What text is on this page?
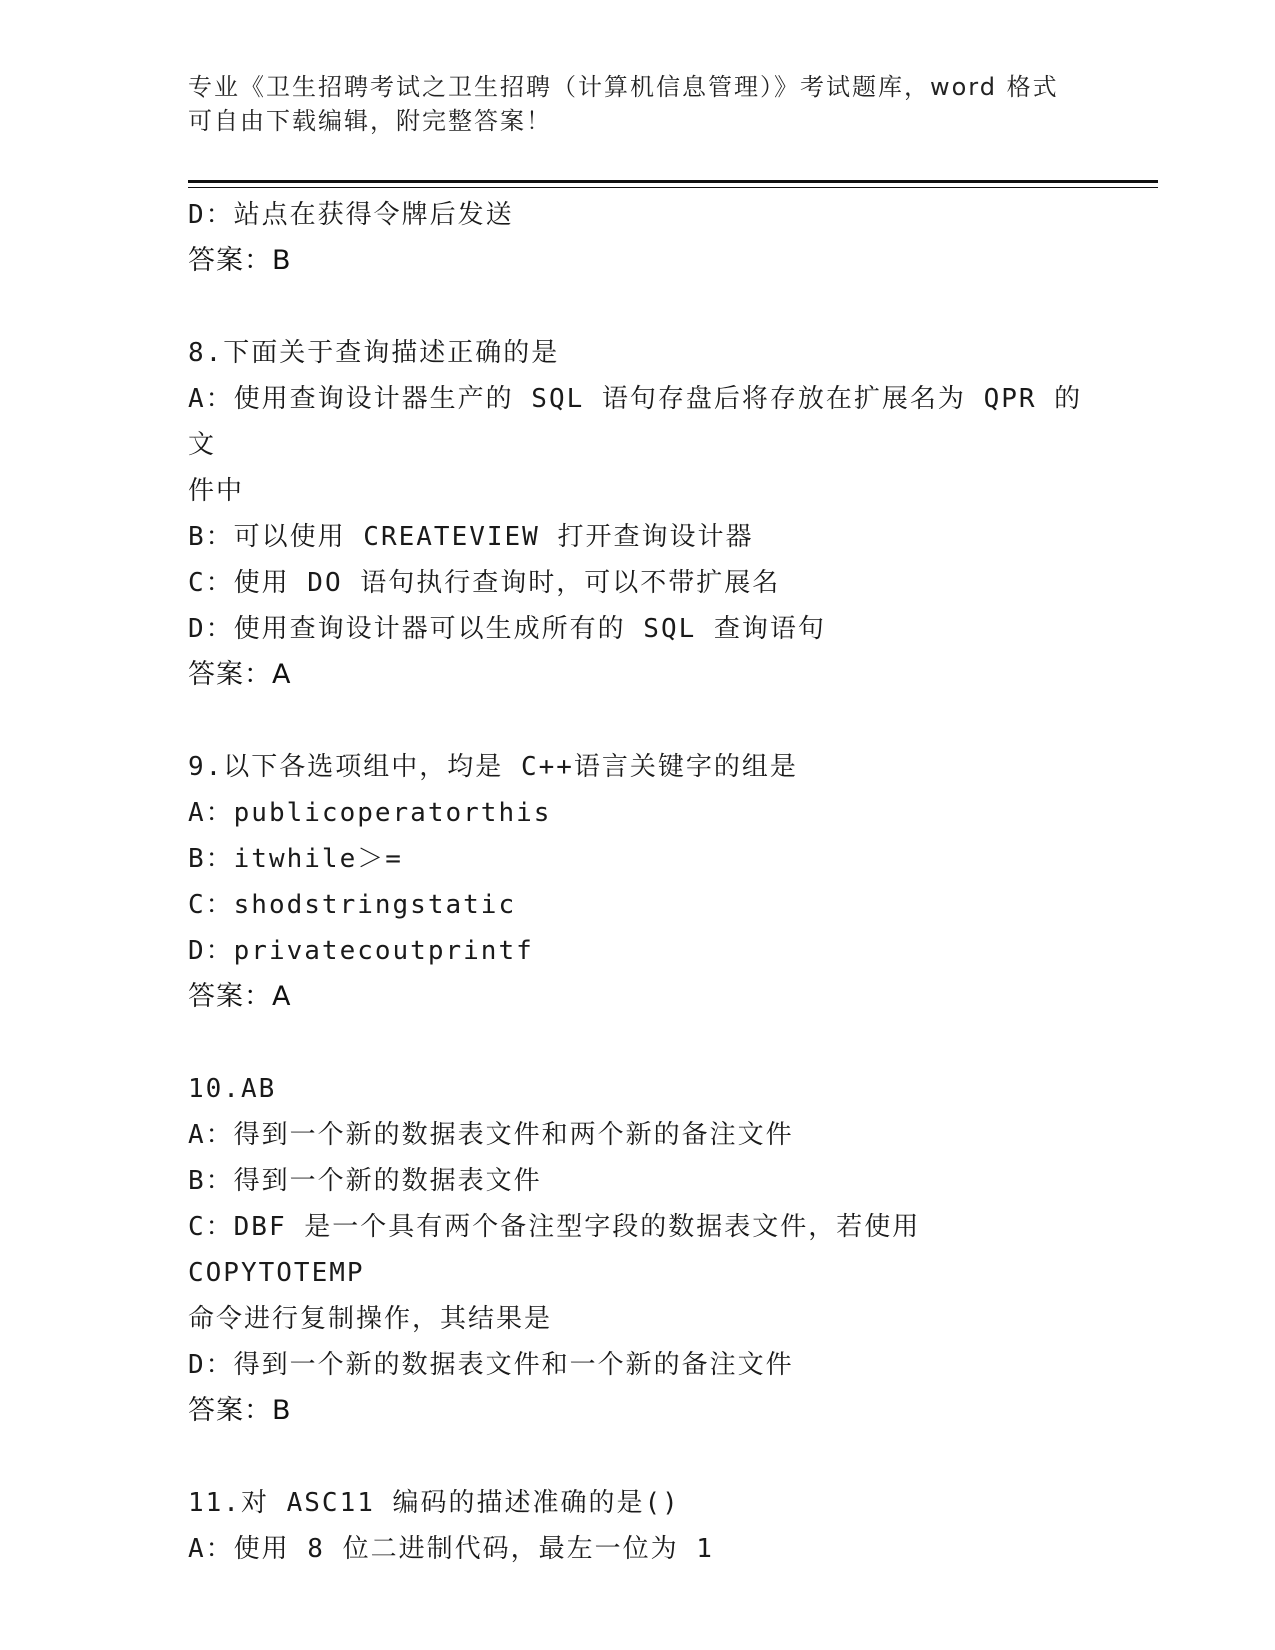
专业《卫生招聘考试之卫生招聘（计算机信息管理）》考试题库，word 格式可自由下载编辑，附完整答案！

D：站点在获得令牌后发送

答案：B

8.下面关于查询描述正确的是

A：使用查询设计器生产的 SQL 语句存盘后将存放在扩展名为 QPR 的文

件中

B：可以使用 CREATEVIEW 打开查询设计器

C：使用 DO 语句执行查询时，可以不带扩展名

D：使用查询设计器可以生成所有的 SQL 查询语句

答案：A

9.以下各选项组中，均是 C++语言关键字的组是

A：publicoperatorthis

B：itwhile＞=

C：shodstringstatic

D：privatecoutprintf

答案：A

10.AB

A：得到一个新的数据表文件和两个新的备注文件

B：得到一个新的数据表文件

C：DBF 是一个具有两个备注型字段的数据表文件，若使用 COPYTOTEMP

命令进行复制操作，其结果是

D：得到一个新的数据表文件和一个新的备注文件

答案：B

11.对 ASC11 编码的描述准确的是()

A：使用 8 位二进制代码，最左一位为 1
